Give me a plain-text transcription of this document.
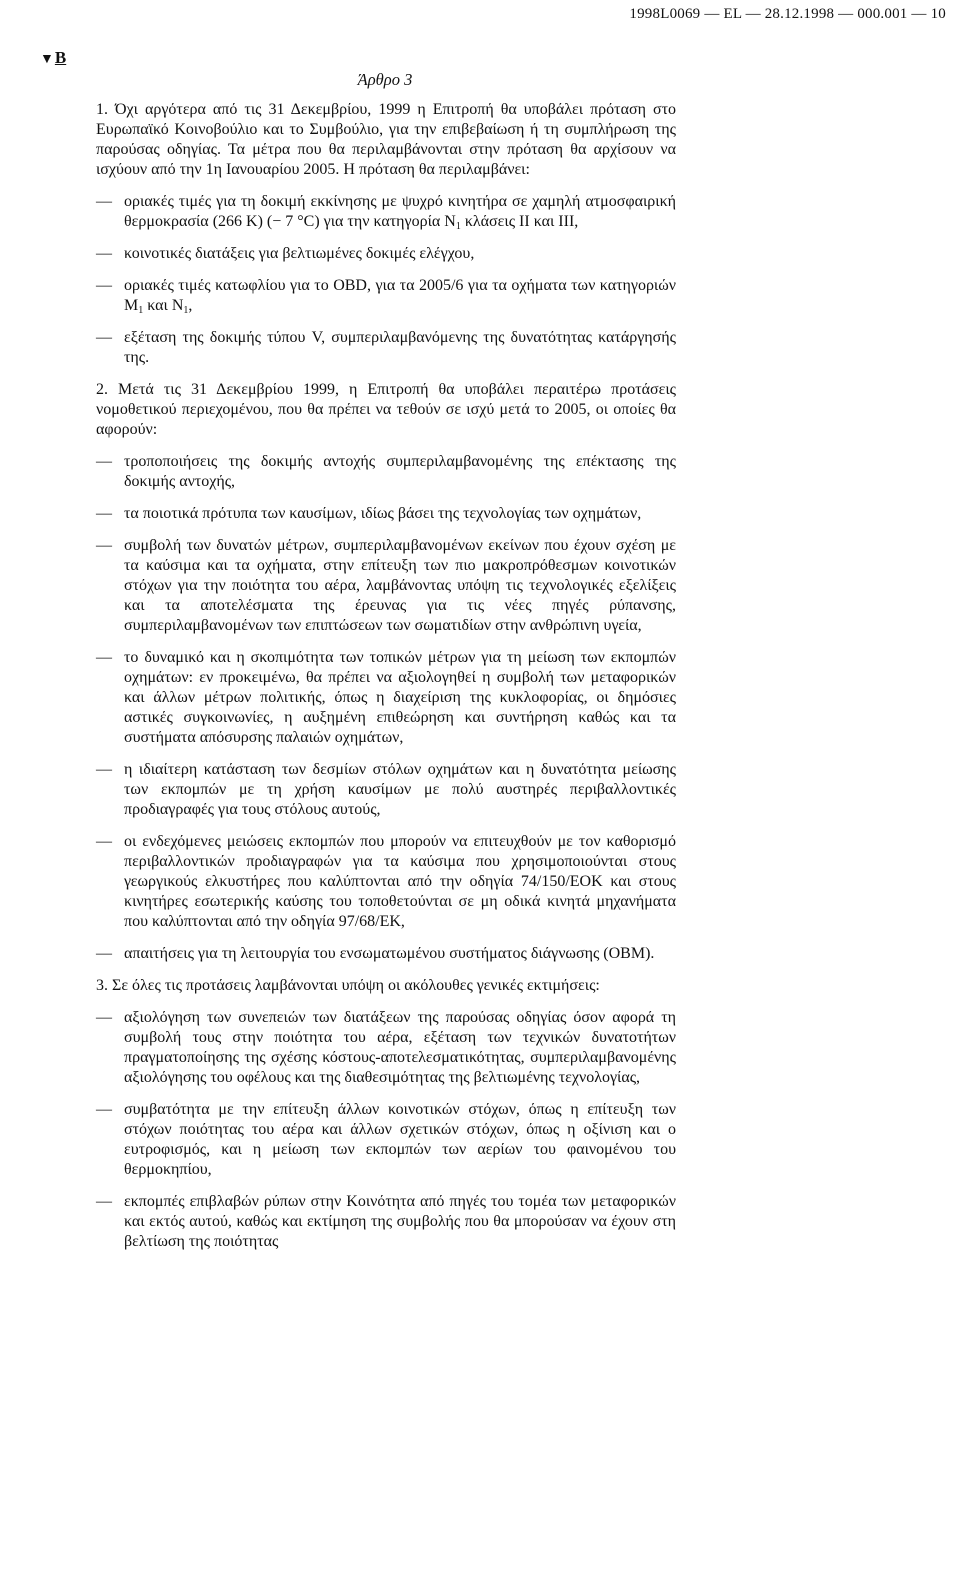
1998L0069 — EL — 28.12.1998 — 000.001 — 10
▼B
Άρθρο 3

1. Όχι αργότερα από τις 31 Δεκεμβρίου, 1999 η Επιτροπή θα υποβάλει πρόταση στο Ευρωπαϊκό Κοινοβούλιο και το Συμβούλιο, για την επιβεβαίωση ή τη συμπλήρωση της παρούσας οδηγίας. Τα μέτρα που θα περιλαμβάνονται στην πρόταση θα αρχίσουν να ισχύουν από την 1η Ιανουαρίου 2005. Η πρόταση θα περιλαμβάνει:

— οριακές τιμές για τη δοκιμή εκκίνησης με ψυχρό κινητήρα σε χαμηλή ατμοσφαιρική θερμοκρασία (266 K) (− 7 °C) για την κατηγορία $N_1$ κλάσεις II και III,
— κοινοτικές διατάξεις για βελτιωμένες δοκιμές ελέγχου,
— οριακές τιμές κατωφλίου για το OBD, για τα 2005/6 για τα οχήματα των κατηγοριών $M_1$ και $N_1$,
— εξέταση της δοκιμής τύπου V, συμπεριλαμβανόμενης της δυνατότητας κατάργησής της.

2. Μετά τις 31 Δεκεμβρίου 1999, η Επιτροπή θα υποβάλει περαιτέρω προτάσεις νομοθετικού περιεχομένου, που θα πρέπει να τεθούν σε ισχύ μετά το 2005, οι οποίες θα αφορούν:

— τροποποιήσεις της δοκιμής αντοχής συμπεριλαμβανομένης της επέκτασης της δοκιμής αντοχής,
— τα ποιοτικά πρότυπα των καυσίμων, ιδίως βάσει της τεχνολογίας των οχημάτων,
— συμβολή των δυνατών μέτρων, συμπεριλαμβανομένων εκείνων που έχουν σχέση με τα καύσιμα και τα οχήματα, στην επίτευξη των πιο μακροπρόθεσμων κοινοτικών στόχων για την ποιότητα του αέρα, λαμβάνοντας υπόψη τις τεχνολογικές εξελίξεις και τα αποτελέσματα της έρευνας για τις νέες πηγές ρύπανσης, συμπεριλαμβανομένων των επιπτώσεων των σωματιδίων στην ανθρώπινη υγεία,
— το δυναμικό και η σκοπιμότητα των τοπικών μέτρων για τη μείωση των εκπομπών οχημάτων: εν προκειμένω, θα πρέπει να αξιολογηθεί η συμβολή των μεταφορικών και άλλων μέτρων πολιτικής, όπως η διαχείριση της κυκλοφορίας, οι δημόσιες αστικές συγκοινωνίες, η αυξημένη επιθεώρηση και συντήρηση καθώς και τα συστήματα απόσυρσης παλαιών οχημάτων,
— η ιδιαίτερη κατάσταση των δεσμίων στόλων οχημάτων και η δυνατότητα μείωσης των εκπομπών με τη χρήση καυσίμων με πολύ αυστηρές περιβαλλοντικές προδιαγραφές για τους στόλους αυτούς,
— οι ενδεχόμενες μειώσεις εκπομπών που μπορούν να επιτευχθούν με τον καθορισμό περιβαλλοντικών προδιαγραφών για τα καύσιμα που χρησιμοποιούνται στους γεωργικούς ελκυστήρες που καλύπτονται από την οδηγία 74/150/ΕΟΚ και στους κινητήρες εσωτερικής καύσης του τοποθετούνται σε μη οδικά κινητά μηχανήματα που καλύπτονται από την οδηγία 97/68/ΕΚ,
— απαιτήσεις για τη λειτουργία του ενσωματωμένου συστήματος διάγνωσης (OBM).

3. Σε όλες τις προτάσεις λαμβάνονται υπόψη οι ακόλουθες γενικές εκτιμήσεις:

— αξιολόγηση των συνεπειών των διατάξεων της παρούσας οδηγίας όσον αφορά τη συμβολή τους στην ποιότητα του αέρα, εξέταση των τεχνικών δυνατοτήτων πραγματοποίησης της σχέσης κόστους-αποτελεσματικότητας, συμπεριλαμβανομένης αξιολόγησης του οφέλους και της διαθεσιμότητας της βελτιωμένης τεχνολογίας,
— συμβατότητα με την επίτευξη άλλων κοινοτικών στόχων, όπως η επίτευξη των στόχων ποιότητας του αέρα και άλλων σχετικών στόχων, όπως η οξίνιση και ο ευτροφισμός, και η μείωση των εκπομπών των αερίων του φαινομένου του θερμοκηπίου,
— εκπομπές επιβλαβών ρύπων στην Κοινότητα από πηγές του τομέα των μεταφορικών και εκτός αυτού, καθώς και εκτίμηση της συμβολής που θα μπορούσαν να έχουν στη βελτίωση της ποιότητας
